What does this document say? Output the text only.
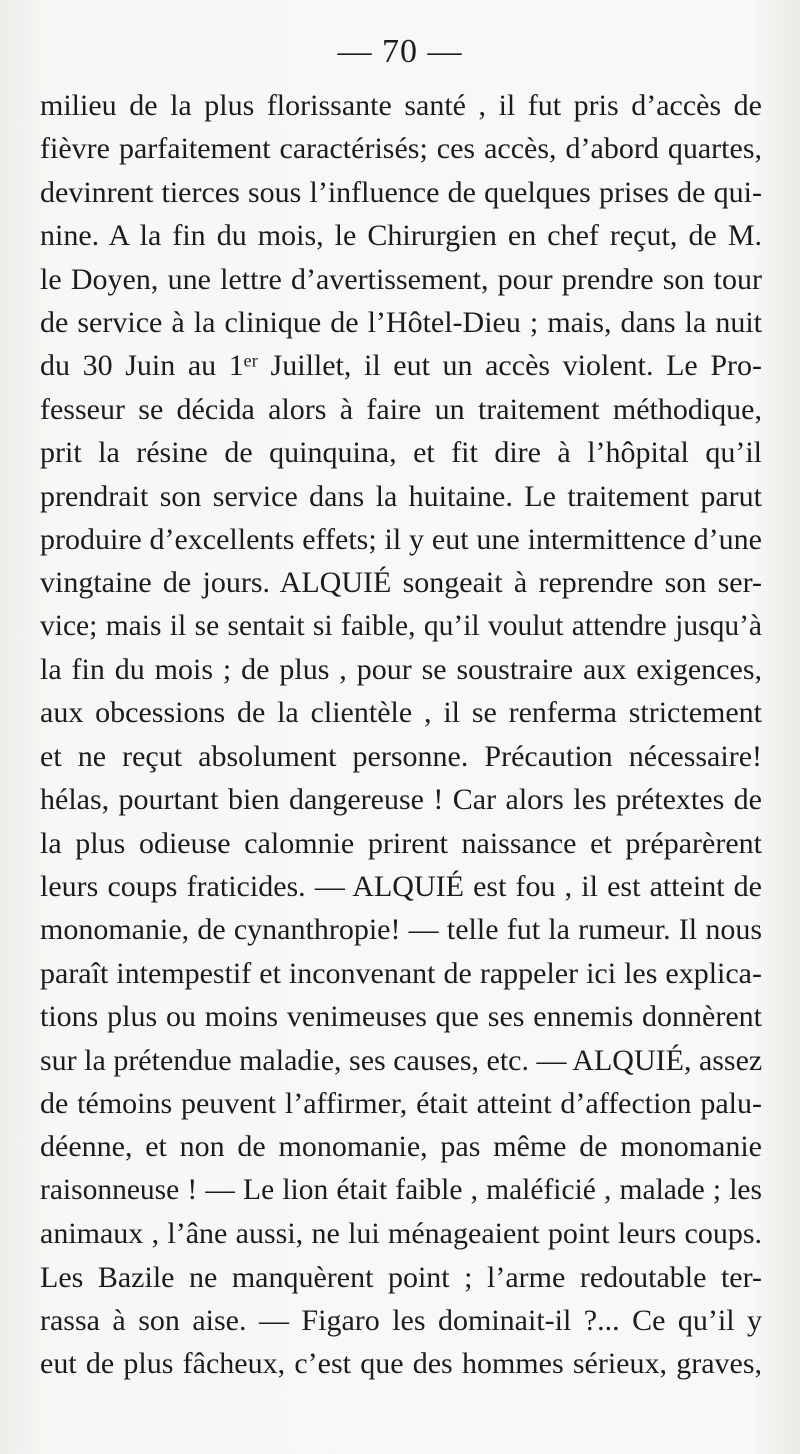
— 70 —
milieu de la plus florissante santé , il fut pris d’accès de
fièvre parfaitement caractérisés; ces accès, d’abord quartes,
devinrent tierces sous l’influence de quelques prises de qui-
nine. A la fin du mois, le Chirurgien en chef reçut, de M.
le Doyen, une lettre d’avertissement, pour prendre son tour
de service à la clinique de l’Hôtel-Dieu ; mais, dans la nuit
du 30 Juin au 1ᵉʳ Juillet, il eut un accès violent. Le Pro-
fesseur se décida alors à faire un traitement méthodique,
prit la résine de quinquina, et fit dire à l’hôpital qu’il
prendrait son service dans la huitaine. Le traitement parut
produire d’excellents effets; il y eut une intermittence d’une
vingtaine de jours. ALQUIÉ songeait à reprendre son ser-
vice; mais il se sentait si faible, qu’il voulut attendre jusqu’à
la fin du mois ; de plus , pour se soustraire aux exigences,
aux obcessions de la clientèle , il se renferma strictement
et ne reçut absolument personne. Précaution nécessaire!
hélas, pourtant bien dangereuse ! Car alors les prétextes de
la plus odieuse calomnie prirent naissance et préparèrent
leurs coups fraticides. — ALQUIÉ est fou , il est atteint de
monomanie, de cynanthropie! — telle fut la rumeur. Il nous
paraît intempestif et inconvenant de rappeler ici les explica-
tions plus ou moins venimeuses que ses ennemis donnèrent
sur la prétendue maladie, ses causes, etc. — ALQUIÉ, assez
de témoins peuvent l’affirmer, était atteint d’affection palu-
déenne, et non de monomanie, pas même de monomanie
raisonneuse ! — Le lion était faible , maléficié , malade ; les
animaux , l’âne aussi, ne lui ménageaient point leurs coups.
Les Bazile ne manquèrent point ; l’arme redoutable ter-
rassa à son aise. — Figaro les dominait-il ?... Ce qu’il y
eut de plus fâcheux, c’est que des hommes sérieux, graves,
